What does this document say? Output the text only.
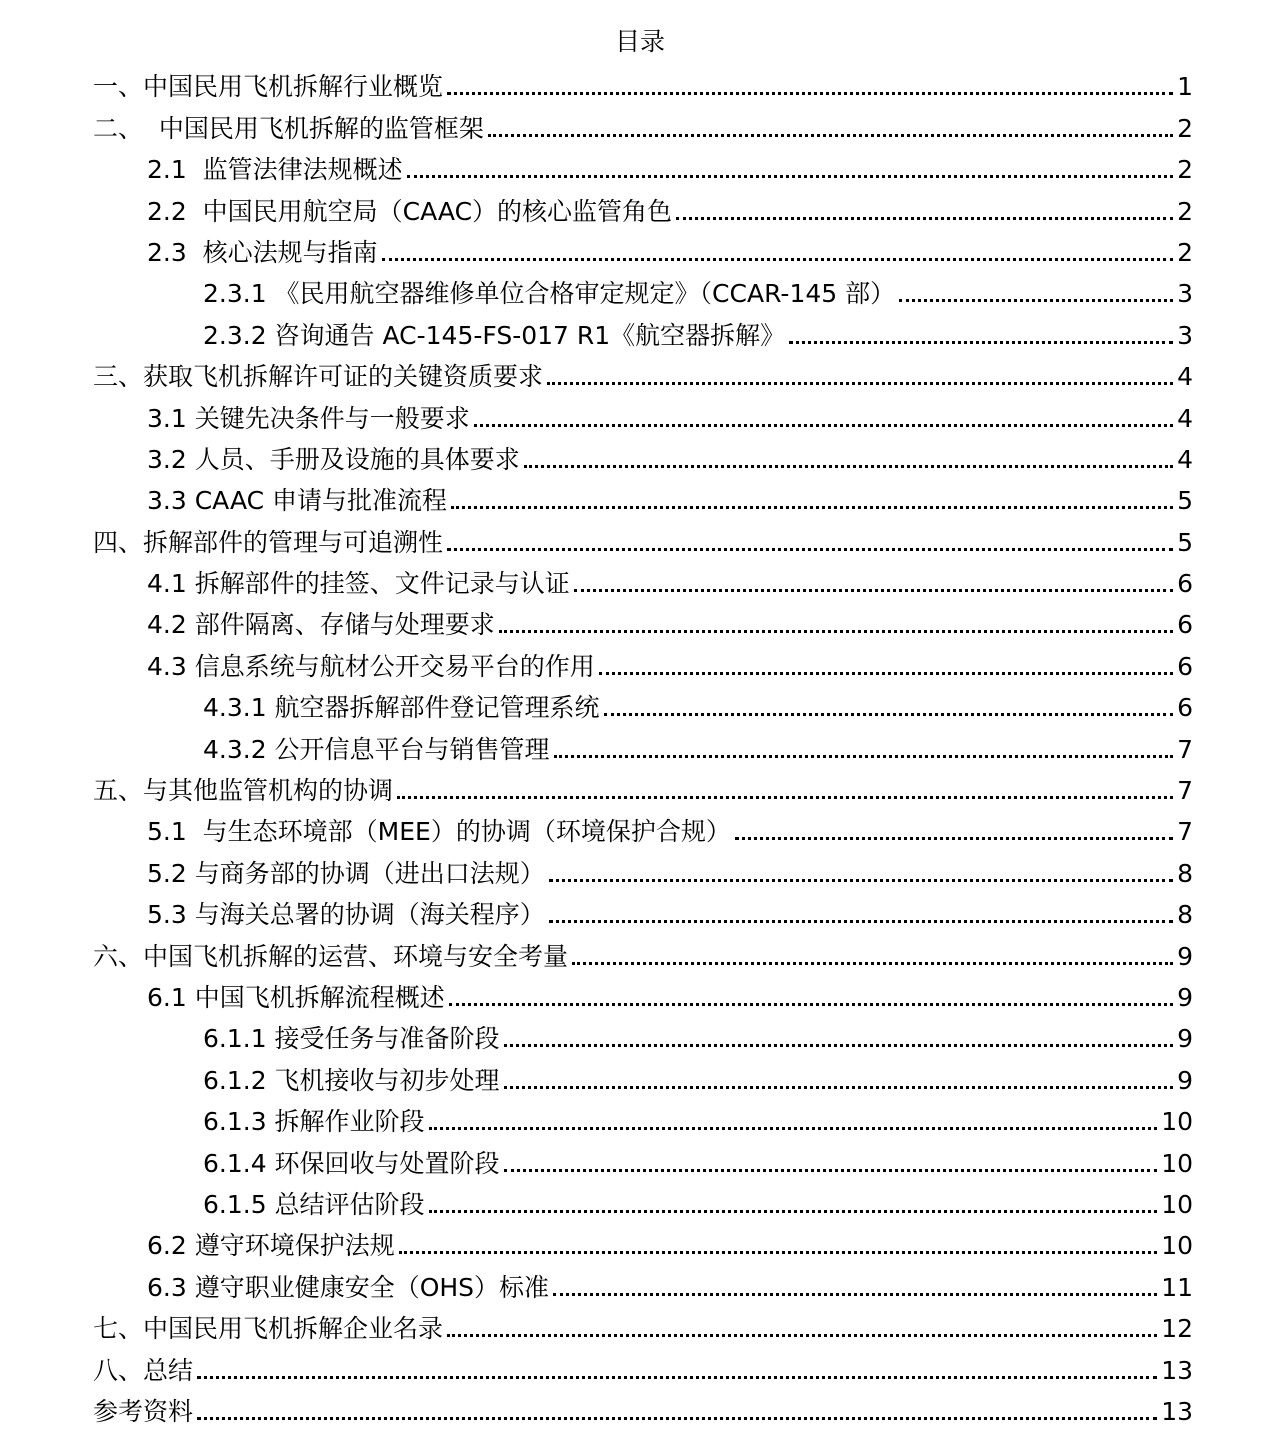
目录
一、中国民用飞机拆解行业概览	1
二、  中国民用飞机拆解的监管框架	2
2.1  监管法律法规概述	2
2.2  中国民用航空局（CAAC）的核心监管角色	2
2.3  核心法规与指南	2
2.3.1 《民用航空器维修单位合格审定规定》（CCAR-145 部）	3
2.3.2 咨询通告 AC-145-FS-017 R1《航空器拆解》	3
三、获取飞机拆解许可证的关键资质要求	4
3.1 关键先决条件与一般要求	4
3.2 人员、手册及设施的具体要求	4
3.3 CAAC 申请与批准流程	5
四、拆解部件的管理与可追溯性	5
4.1 拆解部件的挂签、文件记录与认证	6
4.2 部件隔离、存储与处理要求	6
4.3 信息系统与航材公开交易平台的作用	6
4.3.1 航空器拆解部件登记管理系统	6
4.3.2 公开信息平台与销售管理	7
五、与其他监管机构的协调	7
5.1  与生态环境部（MEE）的协调（环境保护合规）	7
5.2 与商务部的协调（进出口法规）	8
5.3 与海关总署的协调（海关程序）	8
六、中国飞机拆解的运营、环境与安全考量	9
6.1 中国飞机拆解流程概述	9
6.1.1 接受任务与准备阶段	9
6.1.2 飞机接收与初步处理	9
6.1.3 拆解作业阶段	10
6.1.4 环保回收与处置阶段	10
6.1.5 总结评估阶段	10
6.2 遵守环境保护法规	10
6.3 遵守职业健康安全（OHS）标准	11
七、中国民用飞机拆解企业名录	12
八、总结	13
参考资料	13
